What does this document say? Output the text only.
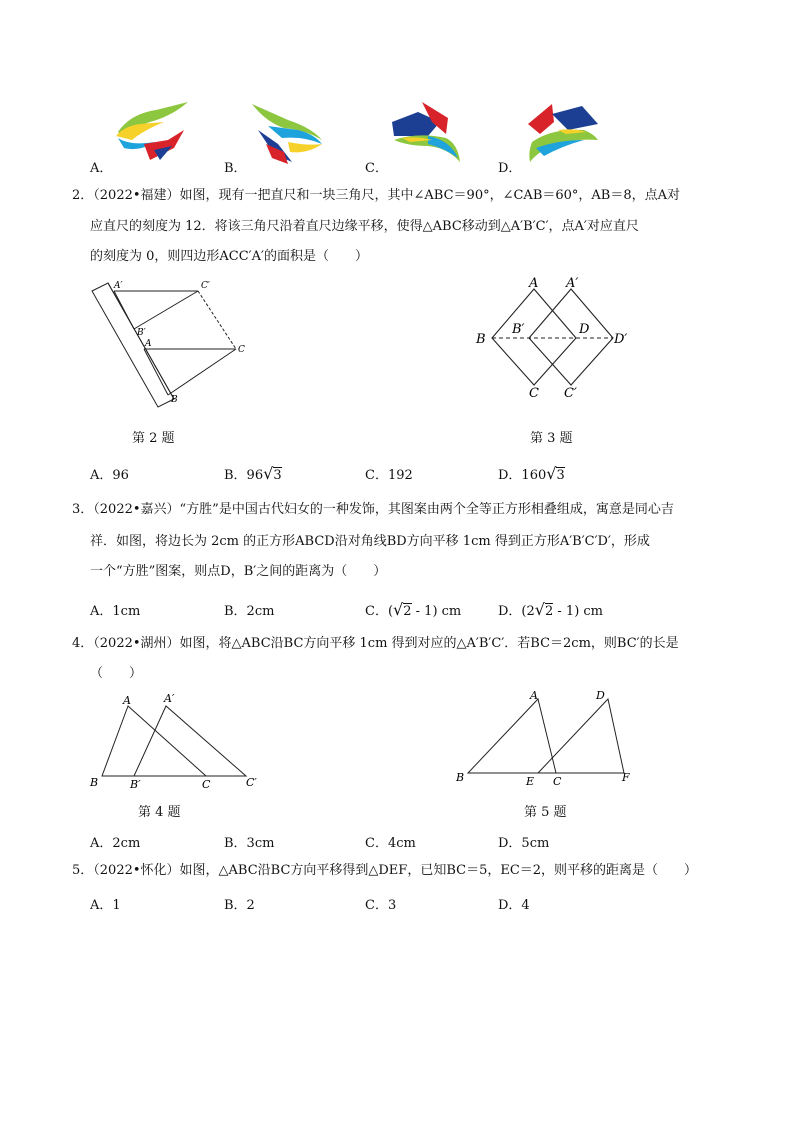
A．	B．	C．	D．
2．（2022•福建）如图，现有一把直尺和一块三角尺，其中∠ABC＝90°，∠CAB＝60°，AB＝8，点A对
应直尺的刻度为 12．将该三角尺沿着直尺边缘平移，使得△ABC移动到△A′B′C′，点A′对应直尺
的刻度为 0，则四边形ACC′A′的面积是（　　）
A′	C′
B′
A
C
B
第 2 题
A A′
B
B′	D
D′
C C′
第 3 题
A．96	B．96√3	C．192	D．160√3
3．（2022•嘉兴）“方胜”是中国古代妇女的一种发饰，其图案由两个全等正方形相叠组成，寓意是同心吉
祥．如图，将边长为 2cm 的正方形ABCD沿对角线BD方向平移 1cm 得到正方形A′B′C′D′，形成
一个“方胜”图案，则点D，B′之间的距离为（　　）
A．1cm	B．2cm	C．(√2 - 1) cm	D．(2√2 - 1) cm
4．（2022•湖州）如图，将△ABC沿BC方向平移 1cm 得到对应的△A′B′C′．若BC＝2cm，则BC′的长是
（　　）
A	A′
B	B′	C	C′
第 4 题
A	D
B	E C	F
第 5 题
A．2cm	B．3cm	C．4cm	D．5cm
5．（2022•怀化）如图，△ABC沿BC方向平移得到△DEF，已知BC＝5，EC＝2，则平移的距离是（　　）
A．1	B．2	C．3	D．4
